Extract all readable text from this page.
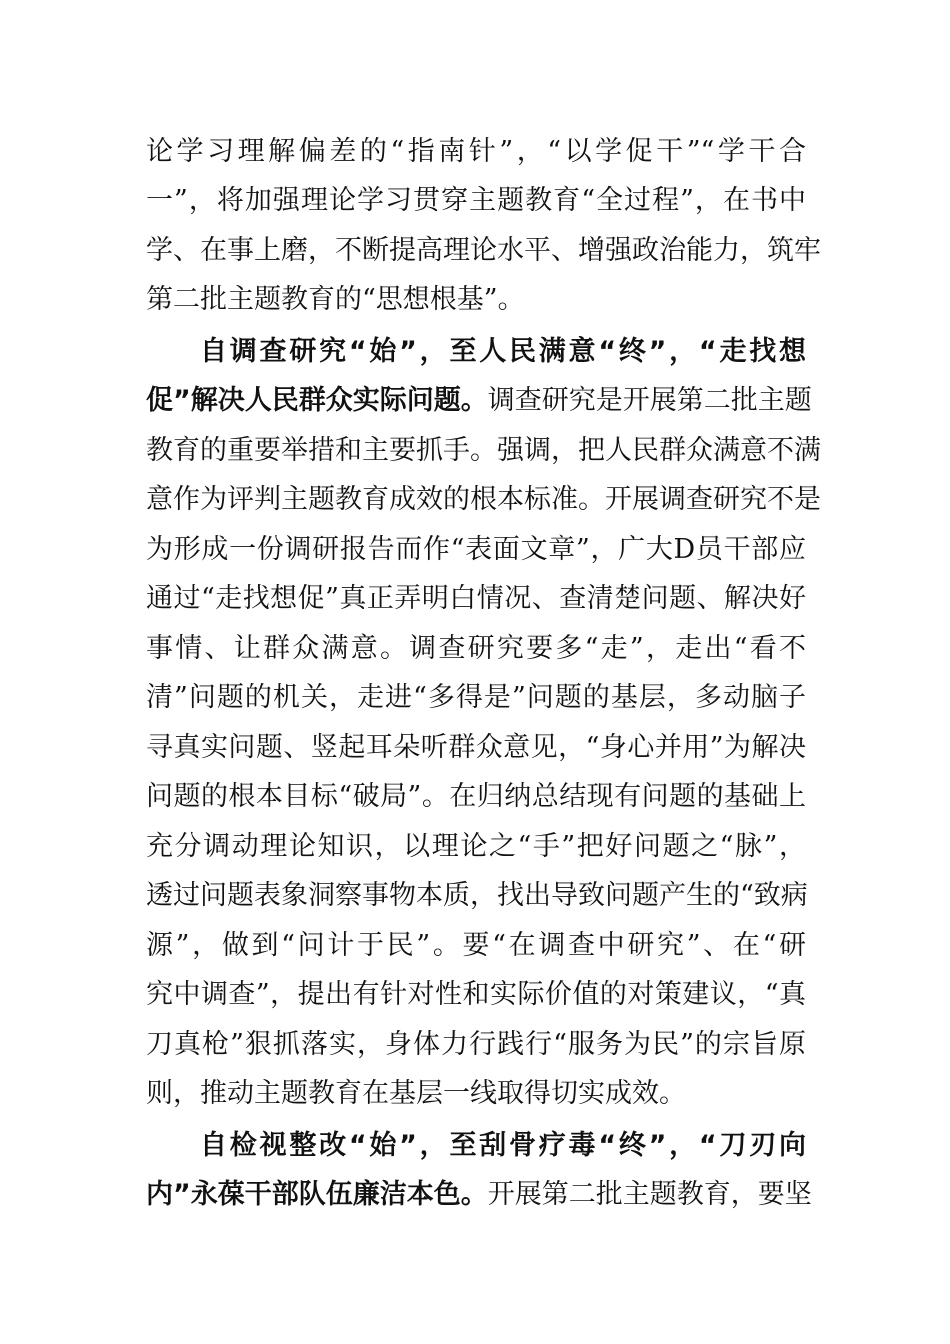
论学习理解偏差的“指南针”，“以学促干”“学干合
一”，将加强理论学习贯穿主题教育“全过程”，在书中
学、在事上磨，不断提高理论水平、增强政治能力，筑牢
第二批主题教育的“思想根基”。
自调查研究“始”，至人民满意“终”，“走找想
促”解决人民群众实际问题。调查研究是开展第二批主题
教育的重要举措和主要抓手。强调，把人民群众满意不满
意作为评判主题教育成效的根本标准。开展调查研究不是
为形成一份调研报告而作“表面文章”，广大D员干部应
通过“走找想促”真正弄明白情况、查清楚问题、解决好
事情、让群众满意。调查研究要多“走”，走出“看不
清”问题的机关，走进“多得是”问题的基层，多动脑子
寻真实问题、竖起耳朵听群众意见，“身心并用”为解决
问题的根本目标“破局”。在归纳总结现有问题的基础上
充分调动理论知识，以理论之“手”把好问题之“脉”，
透过问题表象洞察事物本质，找出导致问题产生的“致病
源”，做到“问计于民”。要“在调查中研究”、在“研
究中调查”，提出有针对性和实际价值的对策建议，“真
刀真枪”狠抓落实，身体力行践行“服务为民”的宗旨原
则，推动主题教育在基层一线取得切实成效。
自检视整改“始”，至刮骨疗毒“终”，“刀刃向
内”永葆干部队伍廉洁本色。开展第二批主题教育，要坚
